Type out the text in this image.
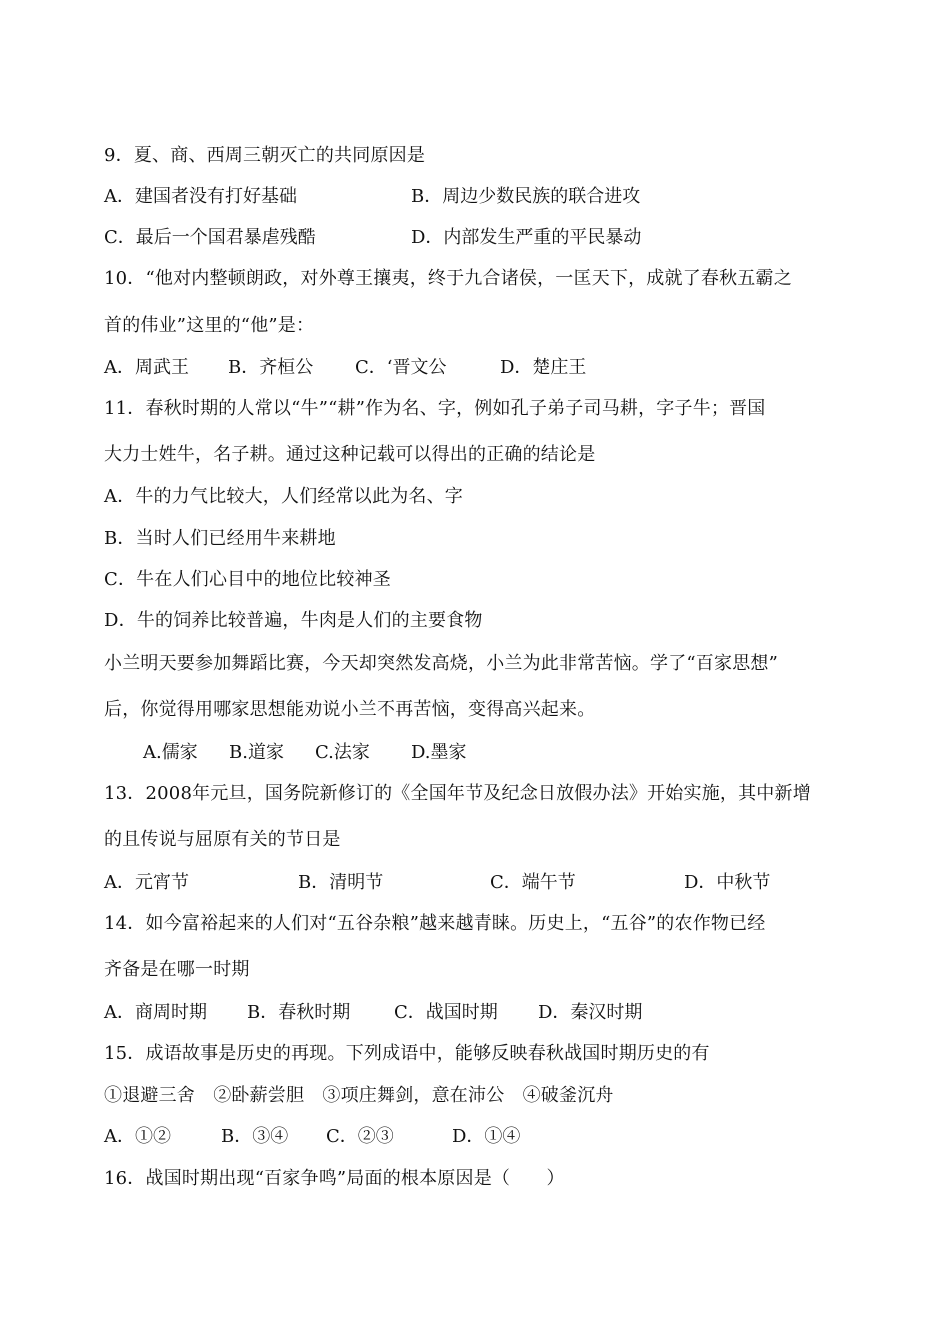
9．夏、商、西周三朝灭亡的共同原因是
A．建国者没有打好基础	B．周边少数民族的联合进攻
C．最后一个国君暴虐残酷	D．内部发生严重的平民暴动
10．“他对内整顿朗政，对外尊王攘夷，终于九合诸侯，一匡天下，成就了春秋五霸之
首的伟业”这里的“他”是：
A．周武王 B．齐桓公 C．‘晋文公	D．楚庄王
11．春秋时期的人常以“牛”“耕”作为名、字，例如孔子弟子司马耕，字子牛；晋国
大力士姓牛，名子耕。通过这种记载可以得出的正确的结论是
A．牛的力气比较大，人们经常以此为名、字
B．当时人们已经用牛来耕地
C．牛在人们心目中的地位比较神圣
D．牛的饲养比较普遍，牛肉是人们的主要食物
小兰明天要参加舞蹈比赛，今天却突然发高烧，小兰为此非常苦恼。学了“百家思想”
后，你觉得用哪家思想能劝说小兰不再苦恼，变得高兴起来。
A.儒家 B.道家 C.法家 D.墨家
13．2008年元旦，国务院新修订的《全国年节及纪念日放假办法》开始实施，其中新增
的且传说与屈原有关的节日是
A．元宵节	B．清明节	C．端午节	D．中秋节
14．如今富裕起来的人们对“五谷杂粮”越来越青睐。历史上，“五谷”的农作物已经
齐备是在哪一时期
A．商周时期 B．春秋时期 C．战国时期 D．秦汉时期
15．成语故事是历史的再现。下列成语中，能够反映春秋战国时期历史的有
①退避三舍　②卧薪尝胆　③项庄舞剑，意在沛公　④破釜沉舟
A．①②	B．③④ C．②③	D．①④
16．战国时期出现“百家争鸣”局面的根本原因是（　　）
